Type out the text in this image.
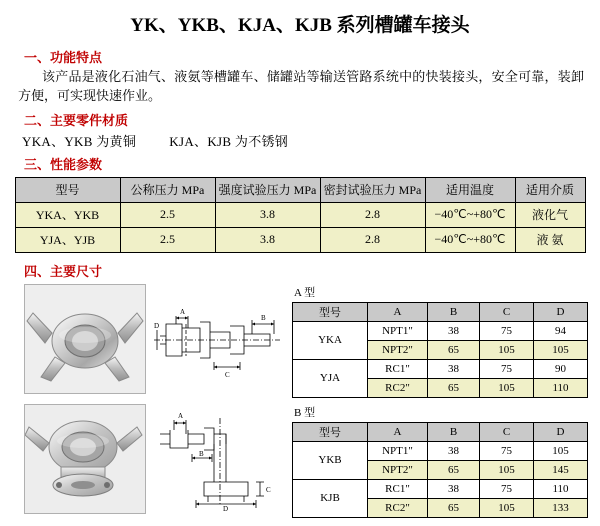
YK、YKB、KJA、KJB 系列槽罐车接头
一、功能特点
该产品是液化石油气、液氨等槽罐车、储罐站等输送管路系统中的快装接头，安全可靠，装卸方便，可实现快速作业。
二、主要零件材质
YKA、YKB 为黄铜	KJA、KJB 为不锈钢
三、性能参数
型号	公称压力 MPa	强度试验压力 MPa	密封试验压力 MPa	适用温度	适用介质
YKA、YKB	2.5	3.8	2.8	−40℃~+80℃	液化气
YJA、YJB	2.5	3.8	2.8	−40℃~+80℃	液 氨
四、主要尺寸
A
C
B
D
A 型
型号	A	B	C	D
YKA	NPT1"	38	75	94
	NPT2"	65	105	105
YJA	RC1"	38	75	90
	RC2"	65	105	110
A
B
D
C
B 型
型号	A	B	C	D
YKB	NPT1"	38	75	105
	NPT2"	65	105	145
KJB	RC1"	38	75	110
	RC2"	65	105	133
